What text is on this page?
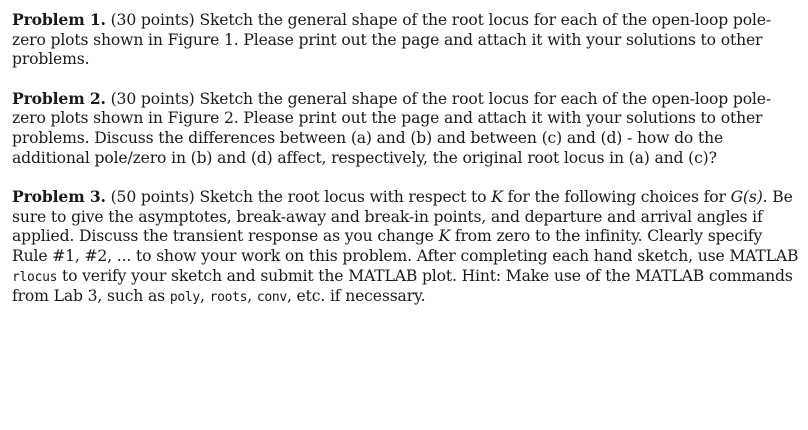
Problem 1. (30 points) Sketch the general shape of the root locus for each of the open-loop pole-zero plots shown in Figure 1. Please print out the page and attach it with your solutions to other problems.

Problem 2. (30 points) Sketch the general shape of the root locus for each of the open-loop pole-zero plots shown in Figure 2. Please print out the page and attach it with your solutions to other problems. Discuss the differences between (a) and (b) and between (c) and (d) - how do the additional pole/zero in (b) and (d) affect, respectively, the original root locus in (a) and (c)?

Problem 3. (50 points) Sketch the root locus with respect to K for the following choices for G(s). Be sure to give the asymptotes, break-away and break-in points, and departure and arrival angles if applied. Discuss the transient response as you change K from zero to the infinity. Clearly specify Rule #1, #2, ... to show your work on this problem. After completing each hand sketch, use MATLAB rlocus to verify your sketch and submit the MATLAB plot. Hint: Make use of the MATLAB commands from Lab 3, such as poly, roots, conv, etc. if necessary.
